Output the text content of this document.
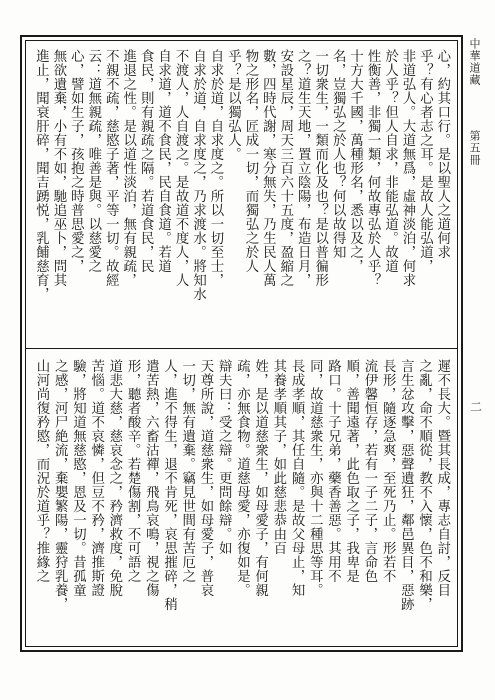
中華道藏
第五冊
二
心，約其口行。是以聖人之道何求
乎？有心者志之耳。是故人能弘道，
非道弘人。大道無爲，虛神淡泊，何求
於人乎？但人自求，非能弘道。故道
性衡善，非獨一類，何故專弘於人乎？
十方大千國，萬種形名，悉以及之，
名，豈獨弘之於人也？何以故得知
一切衆生，一類而化及也？是以普徧形
之？道生天地，置立陰陽，布造日月，
安設星辰，周天三百六十五度，盈縮之
數，四時代謝，寒分無失，乃生民人萬
物之形名，匠成一切，而獨弘之於人
乎？是以獨弘人。
自求於道，自求度之。所以一切至士，
自求於道，自求度之，乃求渡水。將知水
不渡人，人自渡之。是故道不度人，人
自求道，道不食民，民自食道。若道
食民，則有親疏之隔。若道食民，民
進退之性。是以道性淡泊，無有親疏，
不親不疏，慈愍子著，平等一切。故經
云：道無親疏，唯善是與。以慈愛之
心，譬如生子，孩抱之時普思愛之，
無欲遺棄，小有不如，馳追巫卜，問其
進止，聞衰肝碎，聞吉踴悦，乳餔慈育，
遲不長大。暨其長成，專志自討，反目
之亂，命不順從，教不入懷，色不和樂，
言生忿攻擊，惡聲遺狂，鄰邑異目，惡跡
長形，隨逐急爽，至死乃止。形若不
流伊馨恒存，若有一子二子，言命色
順，善聞遠著，此色取之子，我卑是
路口。十子兄弟，藥香善惡。其用不
同，故道慈衆生，亦與十二種思等耳。
長成孝順，其任自隨。是故父母止，知
其養孝順其子，如此慈悲恭由百
姓，是以道慈衆生，如母愛子，有何親
疏，亦無食物。道慈母愛，亦復如是。
辯夫曰：受之辯。更問餘辯。如
天尊所說，道慈衆生，如母愛子，普哀
一切，無有遺棄。竊見世間有苦厄之
人，進不得生，退不肯死，哀思摧碎，稍
遣苦熱，六畜沽禪，飛鳥哀鳴，視之傷
形，聽者酸辛。若楚傷割，不可語之
道悲大慈，慈哀念之，矜濟救度，免脫
苦惱。道不哀憐，但豆不矜，濟推斯證
驗，將知道無慈愍，恩及一切。昔孤童
之感，河尸絶流，棄嬰繁陽，靈狩乳養，
山河尚復矜愍，而況於道乎？推緣之
